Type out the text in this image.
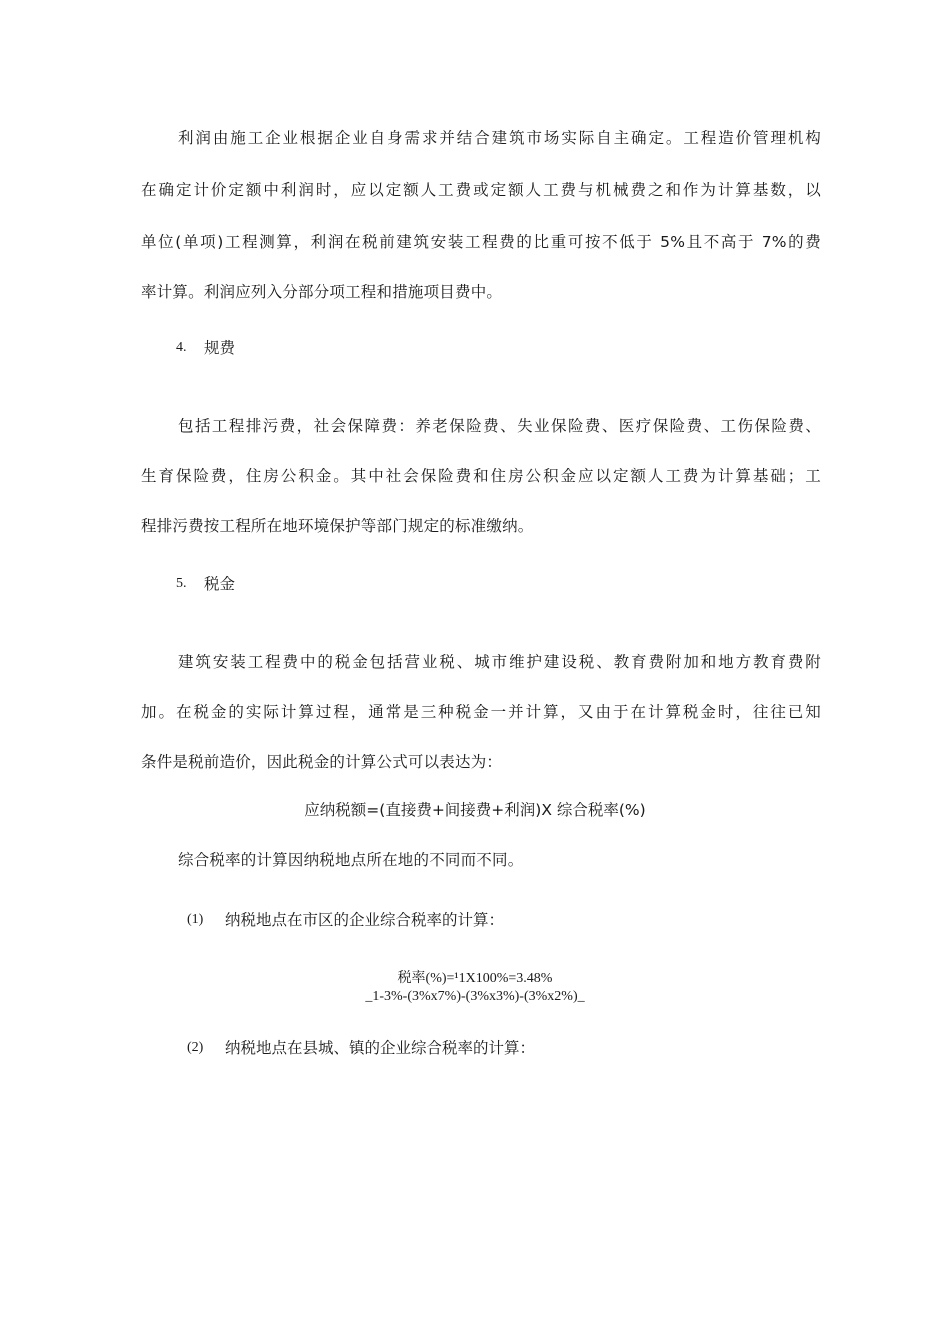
利润由施工企业根据企业自身需求并结合建筑市场实际自主确定。工程造价管理机构
在确定计价定额中利润时，应以定额人工费或定额人工费与机械费之和作为计算基数，以
单位(单项)工程测算，利润在税前建筑安装工程费的比重可按不低于 5%且不高于 7%的费
率计算。利润应列入分部分项工程和措施项目费中。
4. 规费
包括工程排污费，社会保障费：养老保险费、失业保险费、医疗保险费、工伤保险费、
生育保险费，住房公积金。其中社会保险费和住房公积金应以定额人工费为计算基础；工
程排污费按工程所在地环境保护等部门规定的标准缴纳。
5. 税金
建筑安装工程费中的税金包括营业税、城市维护建设税、教育费附加和地方教育费附
加。在税金的实际计算过程，通常是三种税金一并计算，又由于在计算税金时，往往已知
条件是税前造价，因此税金的计算公式可以表达为：
应纳税额=(直接费+间接费+利润)X 综合税率(%)
综合税率的计算因纳税地点所在地的不同而不同。
(1) 纳税地点在市区的企业综合税率的计算：
税率(%)=¹1X100%=3.48%
_1-3%-(3%x7%)-(3%x3%)-(3%x2%)_
(2) 纳税地点在县城、镇的企业综合税率的计算：
